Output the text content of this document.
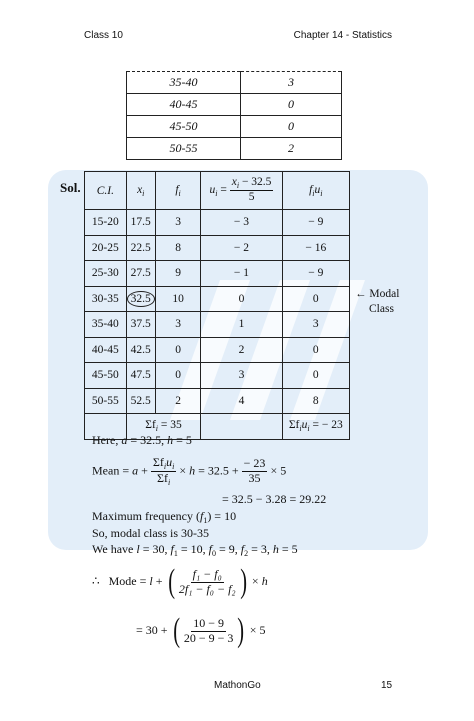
Class 10	Chapter 14 - Statistics
35-40	3
40-45	0
45-50	0
50-55	2
Sol. C.I.	$x_i$	$f_i$	$u_i = \frac{x_i - 32.5}{5}$	$f_iu_i$
15-20	17.5	3	− 3	− 9
20-25	22.5	8	− 2	− 16
25-30	27.5	9	− 1	− 9
30-35	32.5	10	0	0
35-40	37.5	3	1	3
40-45	42.5	0	2	0
45-50	47.5	0	3	0
50-55	52.5	2	4	8
	$\Sigma f_i = 35$			$\Sigma f_iu_i$ = − 23
← Modal
Class
Here, a = 32.5, h = 5
Mean = $a + \frac{\Sigma f_iu_i}{\Sigma f_i} \times h = 32.5 + \frac{- 23}{35} \times 5$
= 32.5 − 3.28 = 29.22
Maximum frequency $(f_1) = 10$
So, modal class is 30-35
We have l = 30, $f_1 = 10$, $f_0 = 9$, $f_2 = 3$, h = 5
∴ Mode = l + ( $\frac{\text{f₁ − f₀}}{\text{2f₁ − f₀ − f₂}}$ ) × h
= 30 + ( $\frac{10 - 9}{20 - 9 - 3}$ ) × 5
MathonGo	15
